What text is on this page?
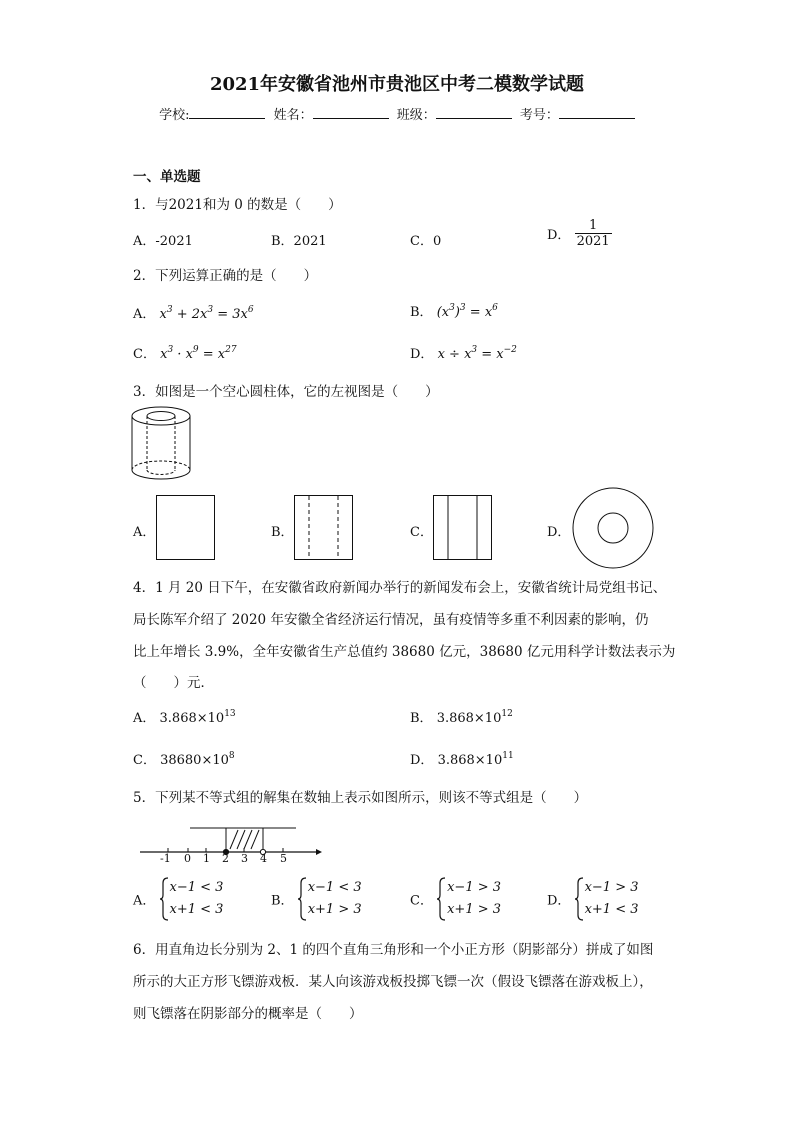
2021年安徽省池州市贵池区中考二模数学试题
学校:	姓名：	班级：	考号：
一、单选题
1．与2021和为 0 的数是（　　）
A．-2021	B．2021	C．0	D． $\frac{1}{2021}$
2．下列运算正确的是（　　）
A． $x^3 + 2x^3 = 3x^6$	B． $(x^3)^3 = x^6$
C． $x^3 \cdot x^9 = x^{27}$	D． $x \div x^3 = x^{-2}$
3．如图是一个空心圆柱体，它的左视图是（　　）
A．	B．	C．	D．
4．1 月 20 日下午，在安徽省政府新闻办举行的新闻发布会上，安徽省统计局党组书记、
局长陈军介绍了 2020 年安徽全省经济运行情况，虽有疫情等多重不利因素的影响，仍
比上年增长 3.9%，全年安徽省生产总值约 38680 亿元，38680 亿元用科学计数法表示为
（　　）元．
A． $3.868\times 10^{13}$	B． $3.868\times 10^{12}$
C． $38680\times 10^8$	D． $3.868\times 10^{11}$
5．下列某不等式组的解集在数轴上表示如图所示，则该不等式组是（　　）
-1 0 1 2 3 4 5
A．
x−1 < 3
x+1 < 3
B．
x−1 < 3
x+1 > 3
C．
x−1 > 3
x+1 > 3
D．
x−1 > 3
x+1 < 3
6．用直角边长分别为 2、1 的四个直角三角形和一个小正方形（阴影部分）拼成了如图
所示的大正方形飞镖游戏板．某人向该游戏板投掷飞镖一次（假设飞镖落在游戏板上），
则飞镖落在阴影部分的概率是（　　）
